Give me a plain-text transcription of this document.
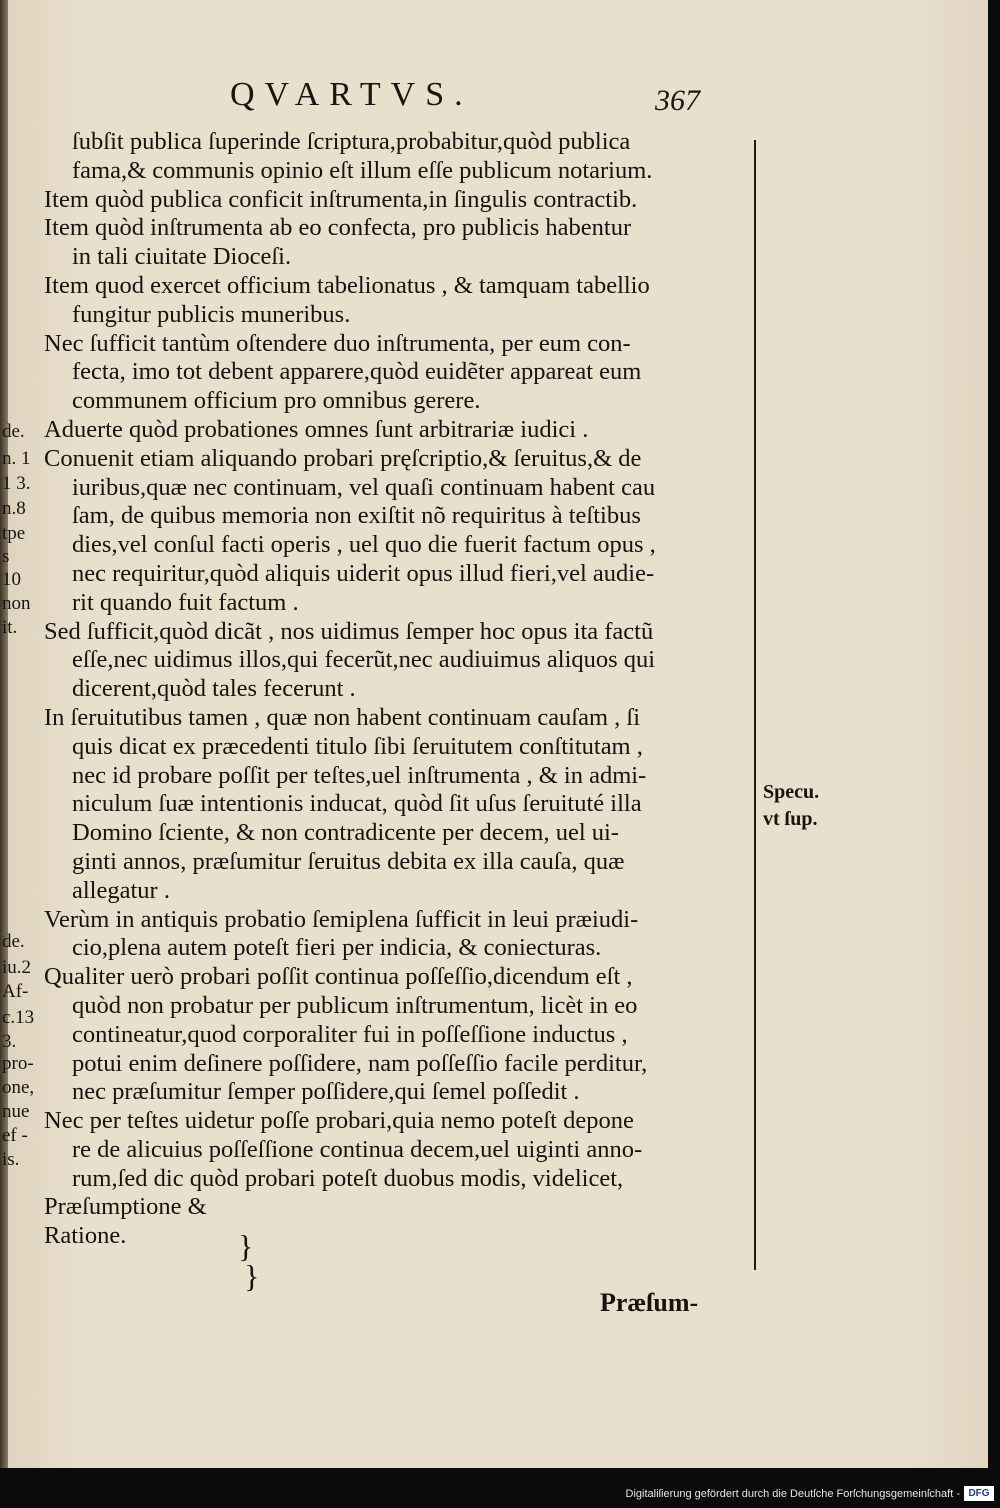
QVARTVS.	367
ſubſit publica ſuperinde ſcriptura,probabitur,quòd publica
fama,& communis opinio eſt illum eſſe publicum notarium.
Item quòd publica conficit inſtrumenta,in ſingulis contractib.
Item quòd inſtrumenta ab eo confecta, pro publicis habentur
in tali ciuitate Dioceſi.
Item quod exercet officium tabelionatus , & tamquam tabellio
fungitur publicis muneribus.
Nec ſufficit tantùm oſtendere duo inſtrumenta, per eum con-
fecta, imo tot debent apparere,quòd euidẽter appareat eum
communem officium pro omnibus gerere.
Aduerte quòd probationes omnes ſunt arbitrariæ iudici .
Conuenit etiam aliquando probari pręſcriptio,& ſeruitus,& de
iuribus,quæ nec continuam, vel quaſi continuam habent cau
ſam, de quibus memoria non exiſtit nõ requiritus à teſtibus
dies,vel conſul facti operis , uel quo die fuerit factum opus ,
nec requiritur,quòd aliquis uiderit opus illud fieri,vel audie-
rit quando fuit factum .
Sed ſufficit,quòd dicãt , nos uidimus ſemper hoc opus ita factũ
eſſe,nec uidimus illos,qui fecerũt,nec audiuimus aliquos qui
dicerent,quòd tales fecerunt .
In ſeruitutibus tamen , quæ non habent continuam cauſam , ſi
quis dicat ex præcedenti titulo ſibi ſeruitutem conſtitutam ,
nec id probare poſſit per teſtes,uel inſtrumenta , & in admi-
niculum ſuæ intentionis inducat, quòd ſit uſus ſeruituté illa
Domino ſciente, & non contradicente per decem, uel ui-
ginti annos, præſumitur ſeruitus debita ex illa cauſa, quæ
allegatur .
Verùm in antiquis probatio ſemiplena ſufficit in leui præiudi-
cio,plena autem poteſt fieri per indicia, & coniecturas.
Qualiter uerò probari poſſit continua poſſeſſio,dicendum eſt ,
quòd non probatur per publicum inſtrumentum, licèt in eo
contineatur,quod corporaliter fui in poſſeſſione inductus ,
potui enim deſinere poſſidere, nam poſſeſſio facile perditur,
nec præſumitur ſemper poſſidere,qui ſemel poſſedit .
Nec per teſtes uidetur poſſe probari,quia nemo poteſt depone
re de alicuius poſſeſſione continua decem,uel uiginti anno-
rum,ſed dic quòd probari poteſt duobus modis, videlicet,
Præſumptione &
Ratione.	}
}
Specu.
vt ſup.
de.
n. 1
1 3.
n.8
tpe
s
10
non
it.
de.
iu.2
Af-
c.13
3.
pro-
one,
nue
ef -
is.
Præſum-
Digitaliſierung gefördert durch die Deutſche Forſchungsgemeinſchaft - DFG
